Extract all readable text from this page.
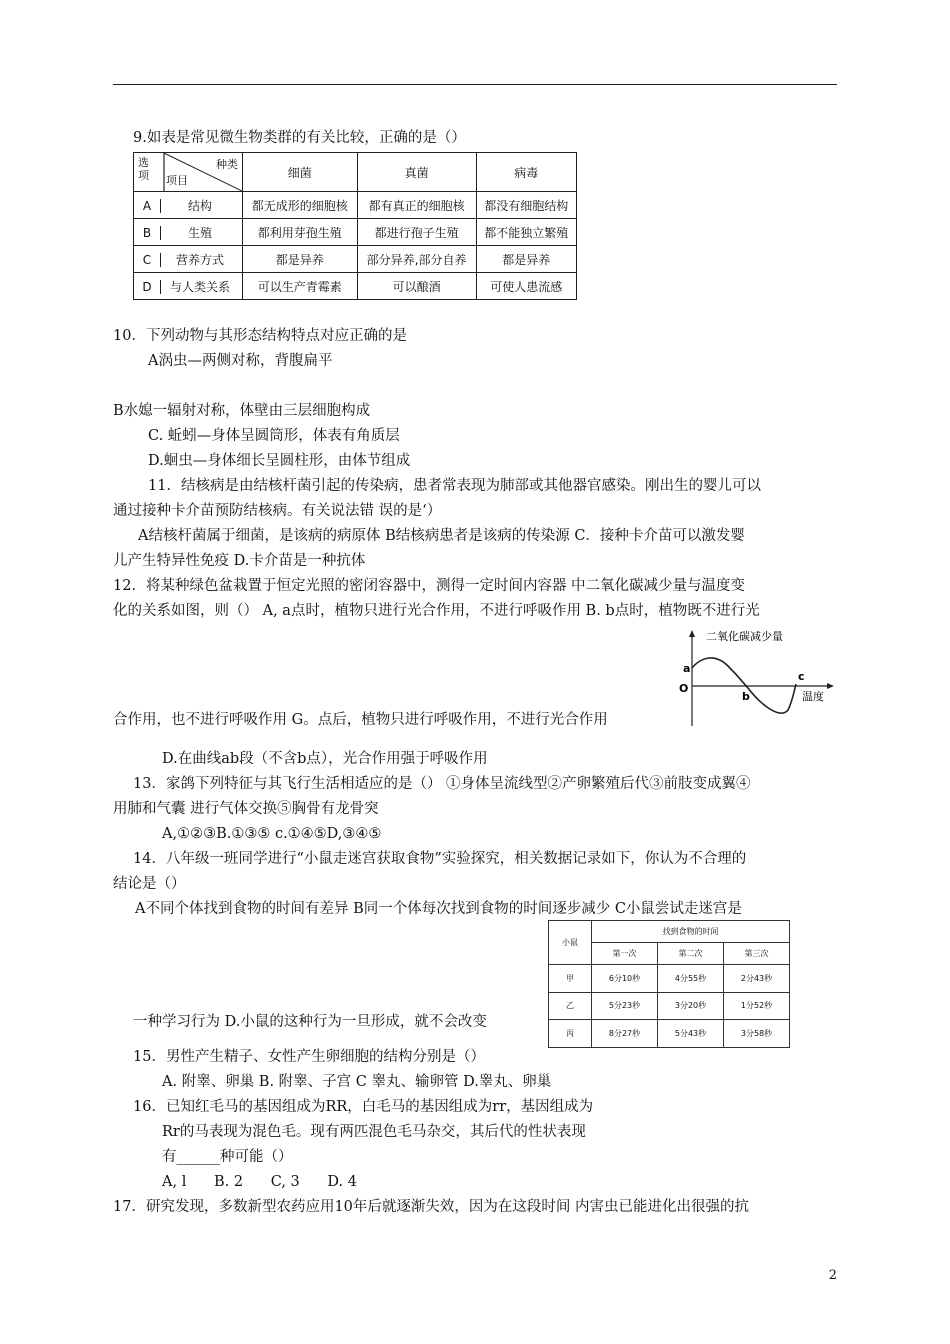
9.如表是常见微生物类群的有关比较，正确的是（）
选项
种类
项目	细菌	真菌	病毒
A 结构	都无成形的细胞核	都有真正的细胞核	都没有细胞结构
B 生殖	都利用芽孢生殖	都进行孢子生殖	都不能独立繁殖
C 营养方式	都是异养	部分异养,部分自养	都是异养
D 与人类关系	可以生产青霉素	可以酿酒	可使人患流感
10．下列动物与其形态结构特点对应正确的是
A涡虫—两侧对称，背腹扁平
B水媳一辐射对称，体壁由三层细胞构成
C. 蚯蚓—身体呈圆筒形，体表有角质层
D.蛔虫—身体细长呈圆柱形，由体节组成
11．结核病是由结核杆菌引起的传染病，患者常表现为肺部或其他器官感染。刚出生的婴儿可以
通过接种卡介苗预防结核病。有关说法错 误的是‘）
A结核杆菌属于细菌，是该病的病原体 B结核病患者是该病的传染源 C．接种卡介苗可以激发婴
儿产生特异性免疫 D.卡介苗是一种抗体
12．将某种绿色盆栽置于恒定光照的密闭容器中，测得一定时间内容器 中二氧化碳减少量与温度变
化的关系如图，则（） A, a点时，植物只进行光合作用，不进行呼吸作用 B. b点时，植物既不进行光
二氧化碳减少量
温度
O
a
b
c
合作用，也不进行呼吸作用 G。点后，植物只进行呼吸作用，不进行光合作用
D.在曲线ab段（不含b点），光合作用强于呼吸作用
13．家鸽下列特征与其飞行生活相适应的是（） ①身体呈流线型②产卵繁殖后代③前肢变成翼④
用肺和气囊 进行气体交换⑤胸骨有龙骨突
A,①②③B.①③⑤ c.①④⑤D,③④⑤
14．八年级一班同学进行“小鼠走迷宫获取食物”实验探究，相关数据记录如下，你认为不合理的
结论是（）
A不同个体找到食物的时间有差异 B同一个体每次找到食物的时间逐步减少 C小鼠尝试走迷宫是
小鼠	找到食物的时间		
	第一次	第二次	第三次
甲	6分10秒	4分55秒	2分43秒
乙	5分23秒	3分20秒	1分52秒
丙	8分27秒	5分43秒	3分58秒
一种学习行为 D.小鼠的这种行为一旦形成，就不会改变
15．男性产生精子、女性产生卵细胞的结构分别是（）
A. 附睾、卵巢 B. 附睾、子宫 C 睾丸、输卵管 D.睾丸、卵巢
16．已知红毛马的基因组成为RR，白毛马的基因组成为rr，基因组成为
Rr的马表现为混色毛。现有两匹混色毛马杂交，其后代的性状表现
有______种可能（）
A, l      B. 2      C, 3      D. 4
17．研究发现，多数新型农药应用10年后就逐渐失效，因为在这段时间 内害虫已能进化出很强的抗
2
